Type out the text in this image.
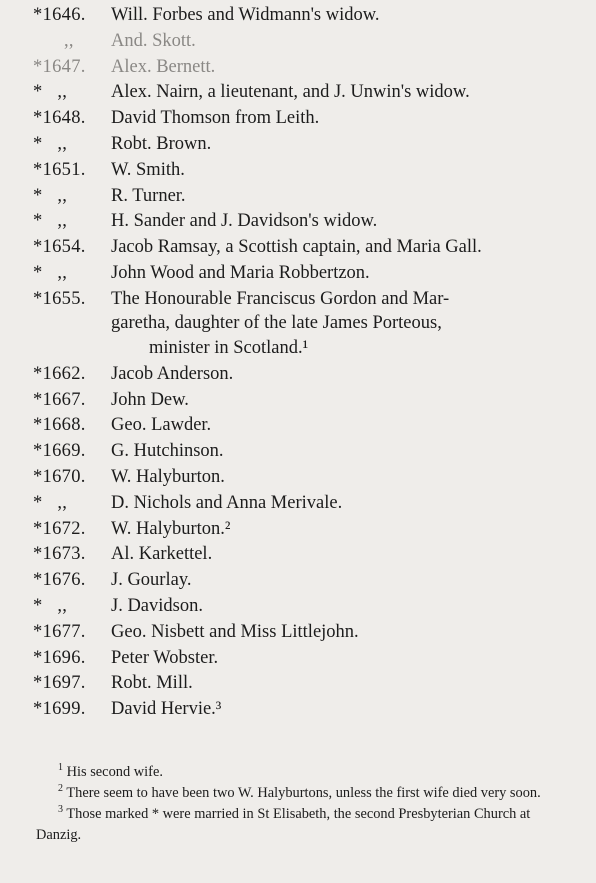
*1646. Will. Forbes and Widmann's widow.
,, And. Skott.
*1647. Alex. Bernett.
*   ,, Alex. Nairn, a lieutenant, and J. Unwin's widow.
*1648. David Thomson from Leith.
*   ,, Robt. Brown.
*1651. W. Smith.
*   ,, R. Turner.
*   ,, H. Sander and J. Davidson's widow.
*1654. Jacob Ramsay, a Scottish captain, and Maria Gall.
*   ,, John Wood and Maria Robbertzon.
*1655. The Honourable Franciscus Gordon and Mar-
garetha, daughter of the late James Porteous,
minister in Scotland.¹
*1662. Jacob Anderson.
*1667. John Dew.
*1668. Geo. Lawder.
*1669. G. Hutchinson.
*1670. W. Halyburton.
*   ,, D. Nichols and Anna Merivale.
*1672. W. Halyburton.²
*1673. Al. Karkettel.
*1676. J. Gourlay.
*   ,, J. Davidson.
*1677. Geo. Nisbett and Miss Littlejohn.
*1696. Peter Wobster.
*1697. Robt. Mill.
*1699. David Hervie.³

$^1$ His second wife.

$^2$ There seem to have been two W. Halyburtons, unless the first wife died very soon.

$^3$ Those marked * were married in St Elisabeth, the second Presbyterian Church at Danzig.
